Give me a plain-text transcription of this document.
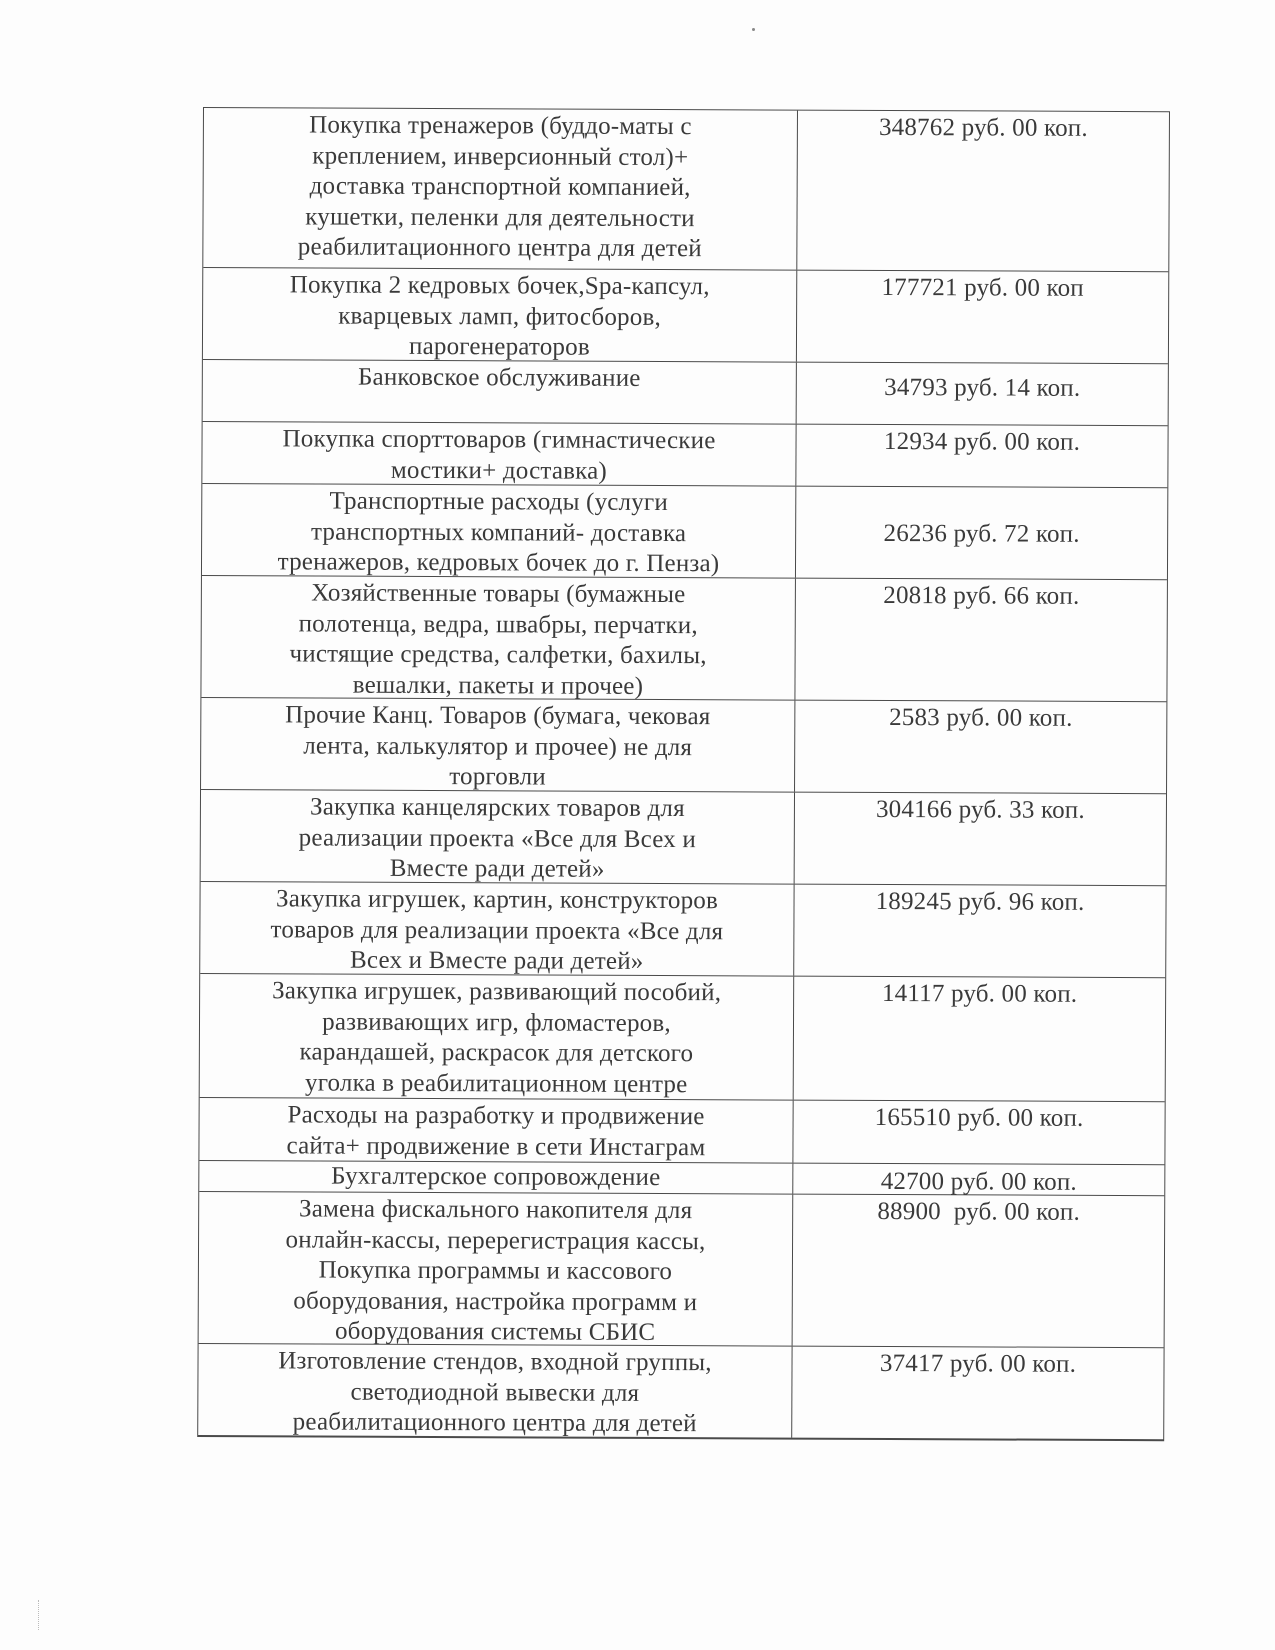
Покупка тренажеров (буддо-маты с
креплением, инверсионный стол)+
доставка транспортной компанией,
кушетки, пеленки для деятельности
реабилитационного центра для детей
348762 руб. 00 коп.
Покупка 2 кедровых бочек,Spa-капсул,
кварцевых ламп, фитосборов,
парогенераторов
177721 руб. 00 коп
Банковское обслуживание	34793 руб. 14 коп.
Покупка спорттоваров (гимнастические
мостики+ доставка)
12934 руб. 00 коп.
Транспортные расходы (услуги
транспортных компаний- доставка
тренажеров, кедровых бочек до г. Пенза)
26236 руб. 72 коп.
Хозяйственные товары (бумажные
полотенца, ведра, швабры, перчатки,
чистящие средства, салфетки, бахилы,
вешалки, пакеты и прочее)
20818 руб. 66 коп.
Прочие Канц. Товаров (бумага, чековая
лента, калькулятор и прочее) не для
торговли
2583 руб. 00 коп.
Закупка канцелярских товаров для
реализации проекта «Все для Всех и
Вместе ради детей»
304166 руб. 33 коп.
Закупка игрушек, картин, конструкторов
товаров для реализации проекта «Все для
Всех и Вместе ради детей»
189245 руб. 96 коп.
Закупка игрушек, развивающий пособий,
развивающих игр, фломастеров,
карандашей, раскрасок для детского
уголка в реабилитационном центре
14117 руб. 00 коп.
Расходы на разработку и продвижение
сайта+ продвижение в сети Инстаграм
165510 руб. 00 коп.
Бухгалтерское сопровождение	42700 руб. 00 коп.
Замена фискального накопителя для
онлайн-кассы, перерегистрация кассы,
Покупка программы и кассового
оборудования, настройка программ и
оборудования системы СБИС
88900  руб. 00 коп.
Изготовление стендов, входной группы,
светодиодной вывески для
реабилитационного центра для детей
37417 руб. 00 коп.
